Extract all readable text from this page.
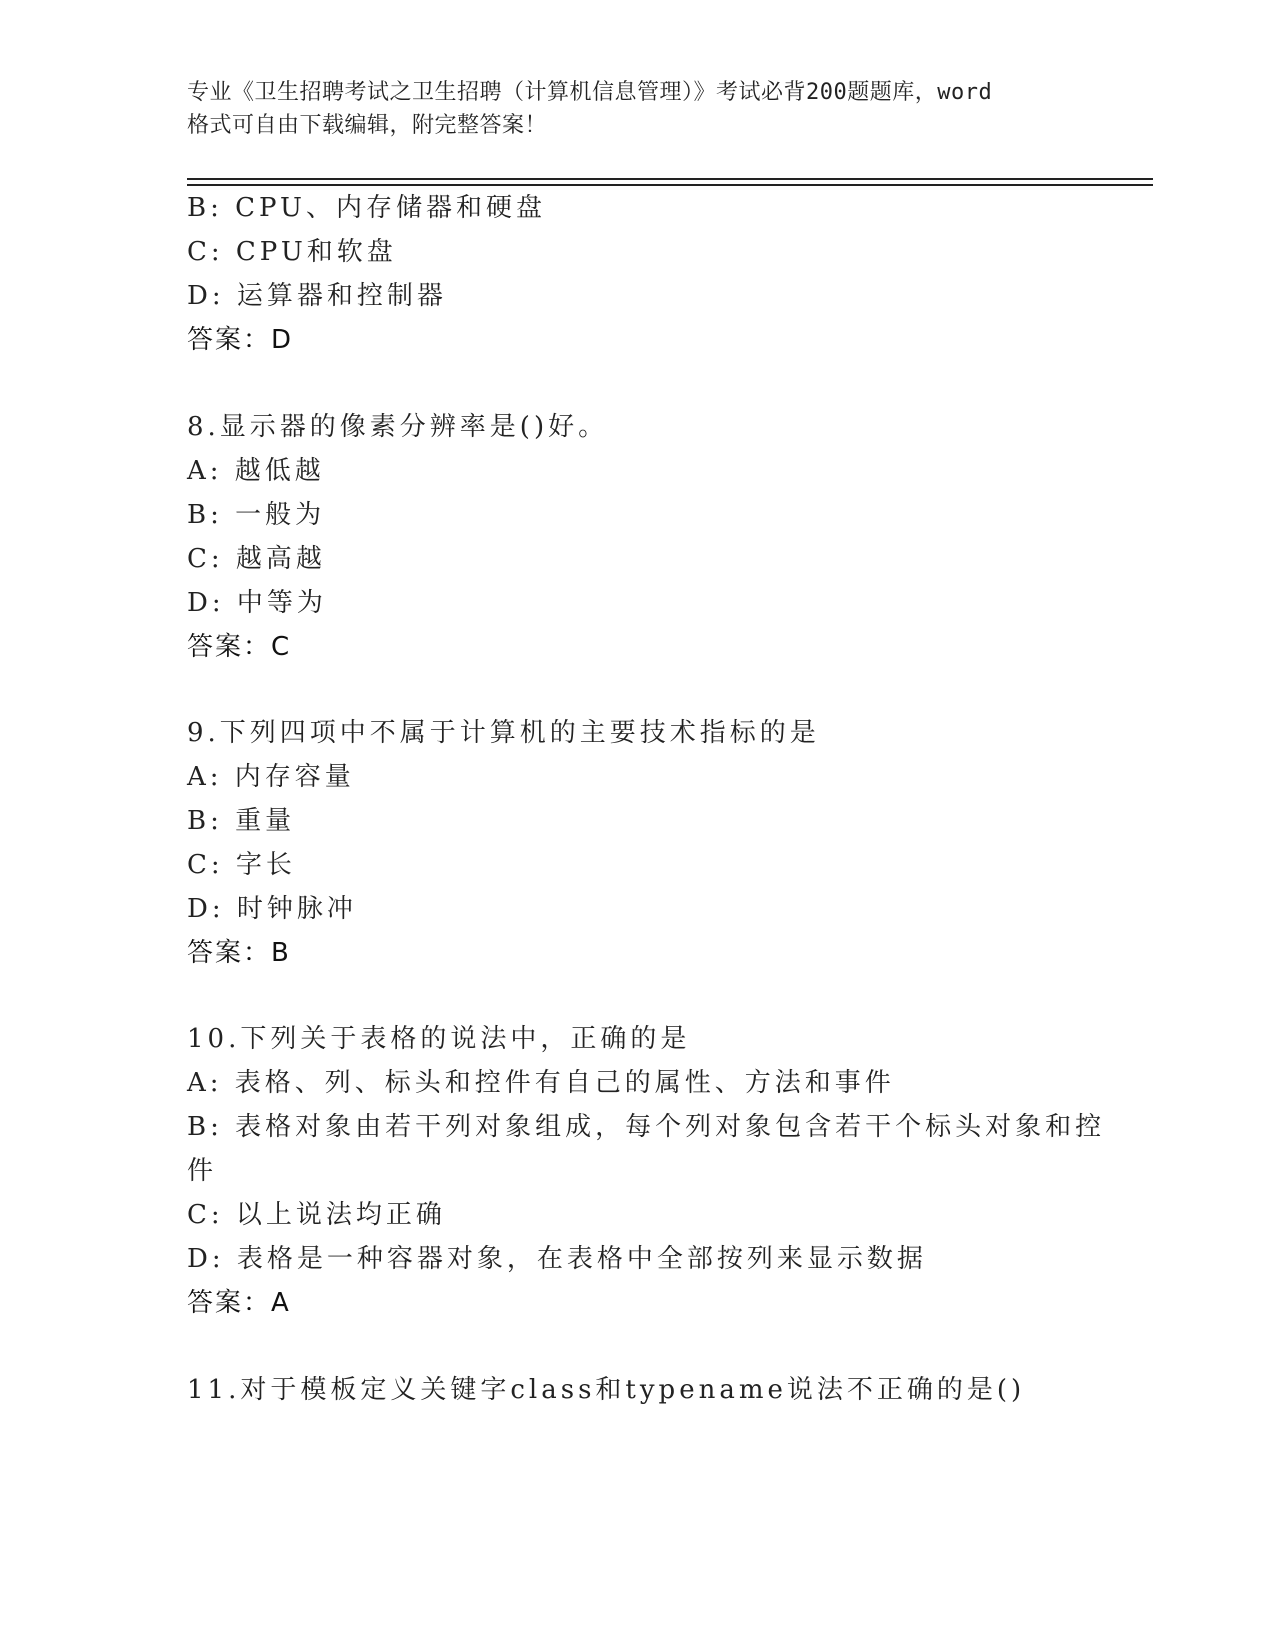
专业《卫生招聘考试之卫生招聘（计算机信息管理）》考试必背200题题库，word
格式可自由下载编辑，附完整答案！
B: CPU、内存储器和硬盘
C: CPU和软盘
D: 运算器和控制器
答案：D
8.显示器的像素分辨率是()好。
A: 越低越
B: 一般为
C: 越高越
D: 中等为
答案：C
9.下列四项中不属于计算机的主要技术指标的是
A: 内存容量
B: 重量
C: 字长
D: 时钟脉冲
答案：B
10.下列关于表格的说法中，正确的是
A: 表格、列、标头和控件有自己的属性、方法和事件
B: 表格对象由若干列对象组成，每个列对象包含若干个标头对象和控
件
C: 以上说法均正确
D: 表格是一种容器对象，在表格中全部按列来显示数据
答案：A
11.对于模板定义关键字class和typename说法不正确的是()
